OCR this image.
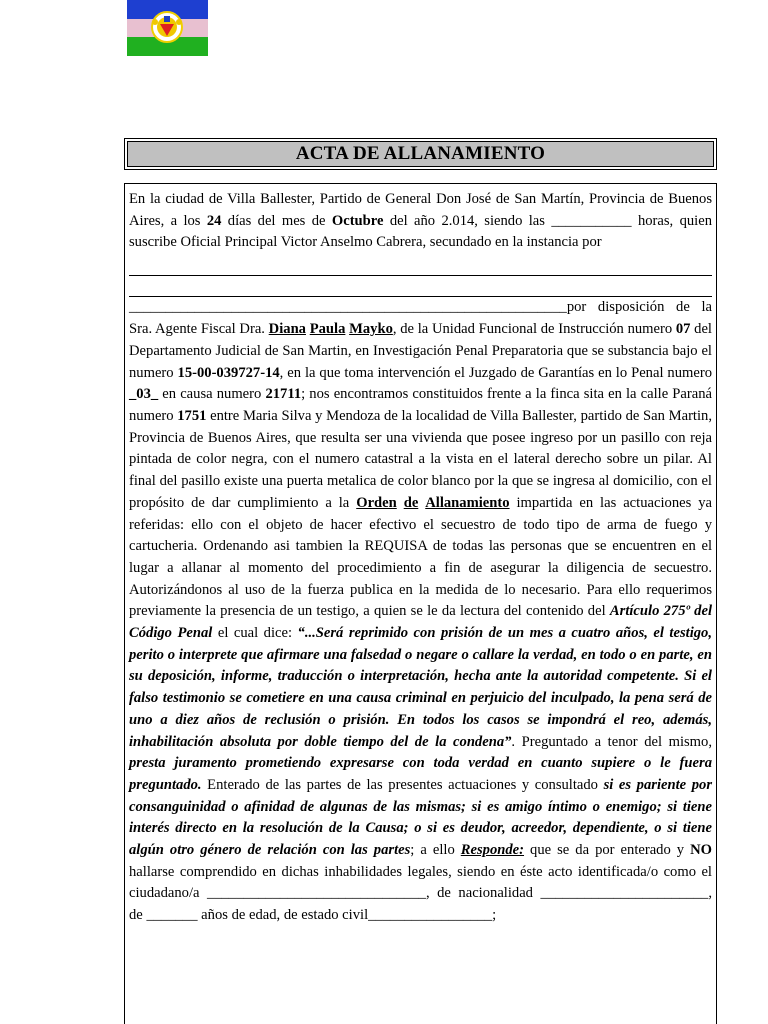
ACTA DE ALLANAMIENTO
En la ciudad de Villa Ballester, Partido de General Don José de San Martín, Provincia de Buenos Aires, a los 24 días del mes de Octubre del año 2.014, siendo las ___________ horas, quien suscribe Oficial Principal Victor Anselmo Cabrera, secundado en la instancia por
____________________________________________________________por disposición de la Sra. Agente Fiscal Dra. Diana Paula Mayko, de la Unidad Funcional de Instrucción numero 07 del Departamento Judicial de San Martin, en Investigación Penal Preparatoria que se substancia bajo el numero 15-00-039727-14, en la que toma intervención el Juzgado de Garantías en lo Penal numero _03_ en causa numero 21711; nos encontramos constituidos frente a la finca sita en la calle Paraná numero 1751 entre Maria Silva y Mendoza de la localidad de Villa Ballester, partido de San Martin, Provincia de Buenos Aires, que resulta ser una vivienda que posee ingreso por un pasillo con reja pintada de color negra, con el numero catastral a la vista en el lateral derecho sobre un pilar. Al final del pasillo existe una puerta metalica de color blanco por la que se ingresa al domicilio, con el propósito de dar cumplimiento a la Orden de Allanamiento impartida en las actuaciones ya referidas: ello con el objeto de hacer efectivo el secuestro de todo tipo de arma de fuego y cartucheria. Ordenando asi tambien la REQUISA de todas las personas que se encuentren en el lugar a allanar al momento del procedimiento a fin de asegurar la diligencia de secuestro. Autorizándonos al uso de la fuerza publica en la medida de lo necesario. Para ello requerimos previamente la presencia de un testigo, a quien se le da lectura del contenido del Artículo 275º del Código Penal el cual dice: “...Será reprimido con prisión de un mes a cuatro años, el testigo, perito o interprete que afirmare una falsedad o negare o callare la verdad, en todo o en parte, en su deposición, informe, traducción o interpretación, hecha ante la autoridad competente. Si el falso testimonio se cometiere en una causa criminal en perjuicio del inculpado, la pena será de uno a diez años de reclusión o prisión. En todos los casos se impondrá el reo, además, inhabilitación absoluta por doble tiempo del de la condena”. Preguntado a tenor del mismo, presta juramento prometiendo expresarse con toda verdad en cuanto supiere o le fuera preguntado. Enterado de las partes de las presentes actuaciones y consultado si es pariente por consanguinidad o afinidad de algunas de las mismas; si es amigo íntimo o enemigo; si tiene interés directo en la resolución de la Causa; o si es deudor, acreedor, dependiente, o si tiene algún otro género de relación con las partes; a ello Responde: que se da por enterado y NO hallarse comprendido en dichas inhabilidades legales, siendo en éste acto identificada/o como el ciudadano/a ______________________________, de nacionalidad _______________________, de _______ años de edad, de estado civil_________________;
